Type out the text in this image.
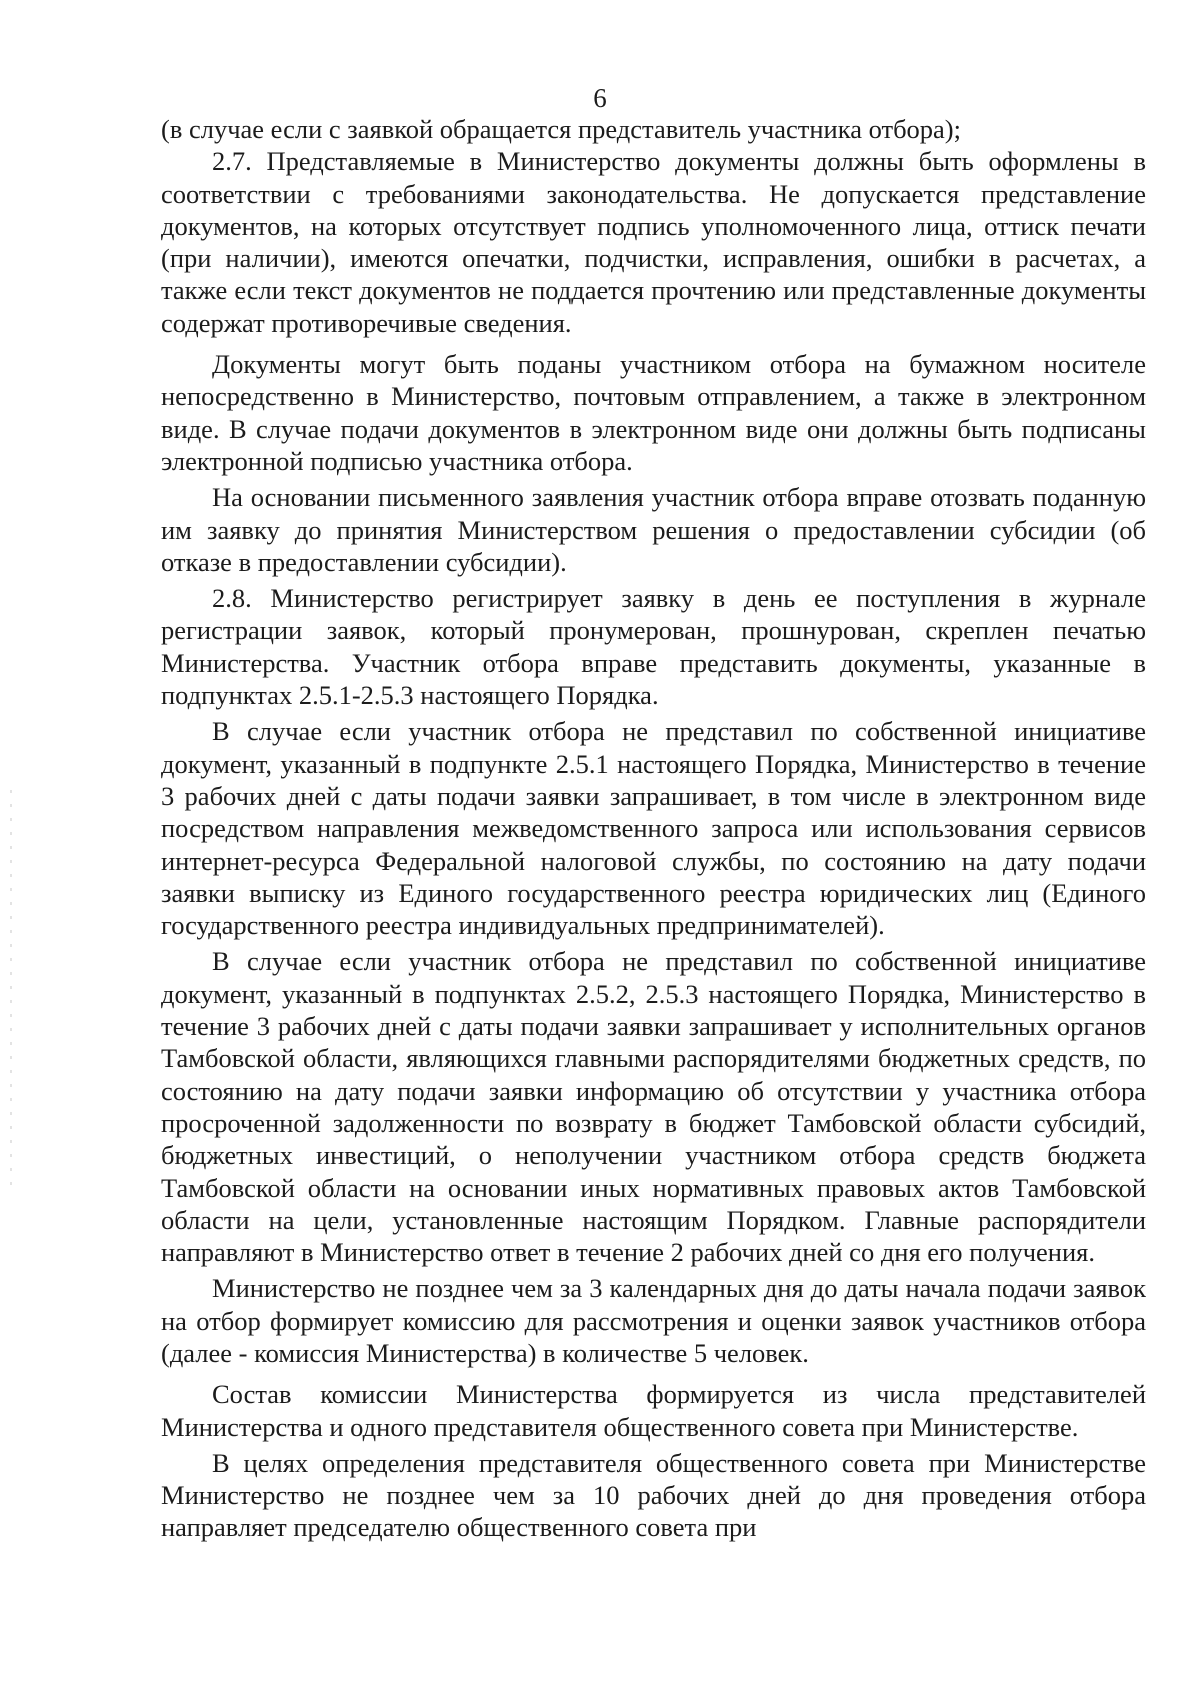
6

(в случае если с заявкой обращается представитель участника отбора);

2.7. Представляемые в Министерство документы должны быть оформлены в соответствии с требованиями законодательства. Не допускается представление документов, на которых отсутствует подпись уполномоченного лица, оттиск печати (при наличии), имеются опечатки, подчистки, исправления, ошибки в расчетах, а также если текст документов не поддается прочтению или представленные документы содержат противоречивые сведения.

Документы могут быть поданы участником отбора на бумажном носителе непосредственно в Министерство, почтовым отправлением, а также в электронном виде. В случае подачи документов в электронном виде они должны быть подписаны электронной подписью участника отбора.

На основании письменного заявления участник отбора вправе отозвать поданную им заявку до принятия Министерством решения о предоставлении субсидии (об отказе в предоставлении субсидии).

2.8. Министерство регистрирует заявку в день ее поступления в журнале регистрации заявок, который пронумерован, прошнурован, скреплен печатью Министерства. Участник отбора вправе представить документы, указанные в подпунктах 2.5.1-2.5.3 настоящего Порядка.

В случае если участник отбора не представил по собственной инициативе документ, указанный в подпункте 2.5.1 настоящего Порядка, Министерство в течение 3 рабочих дней с даты подачи заявки запрашивает, в том числе в электронном виде посредством направления межведомственного запроса или использования сервисов интернет-ресурса Федеральной налоговой службы, по состоянию на дату подачи заявки выписку из Единого государственного реестра юридических лиц (Единого государственного реестра индивидуальных предпринимателей).

В случае если участник отбора не представил по собственной инициативе документ, указанный в подпунктах 2.5.2, 2.5.3 настоящего Порядка, Министерство в течение 3 рабочих дней с даты подачи заявки запрашивает у исполнительных органов Тамбовской области, являющихся главными распорядителями бюджетных средств, по состоянию на дату подачи заявки информацию об отсутствии у участника отбора просроченной задолженности по возврату в бюджет Тамбовской области субсидий, бюджетных инвестиций, о неполучении участником отбора средств бюджета Тамбовской области на основании иных нормативных правовых актов Тамбовской области на цели, установленные настоящим Порядком. Главные распорядители направляют в Министерство ответ в течение 2 рабочих дней со дня его получения.

Министерство не позднее чем за 3 календарных дня до даты начала подачи заявок на отбор формирует комиссию для рассмотрения и оценки заявок участников отбора (далее - комиссия Министерства) в количестве 5 человек.

Состав комиссии Министерства формируется из числа представителей Министерства и одного представителя общественного совета при Министерстве.

В целях определения представителя общественного совета при Министерстве Министерство не позднее чем за 10 рабочих дней до дня проведения отбора направляет председателю общественного совета при
